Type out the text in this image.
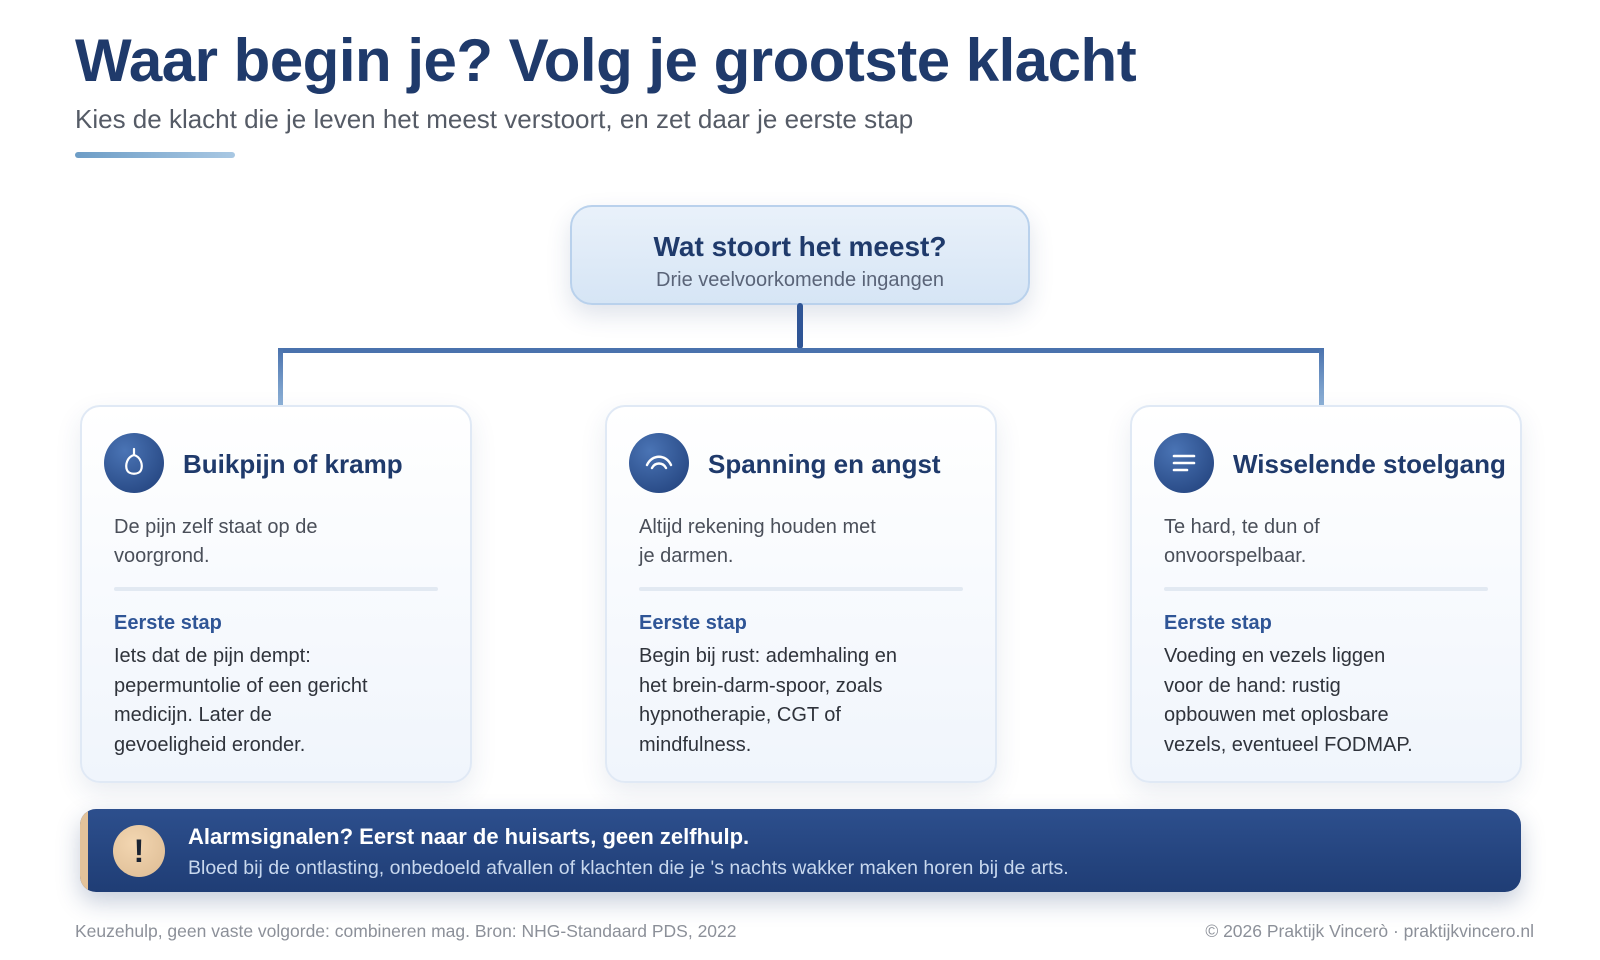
Waar begin je? Volg je grootste klacht

Kies de klacht die je leven het meest verstoort, en zet daar je eerste stap

Wat stoort het meest?
Drie veelvoorkomende ingangen
Buikpijn of kramp
De pijn zelf staat op de voorgrond.
Eerste stap
Iets dat de pijn dempt: pepermuntolie of een gericht medicijn. Later de gevoeligheid eronder.
Spanning en angst
Altijd rekening houden met je darmen.
Eerste stap
Begin bij rust: ademhaling en het brein-darm-spoor, zoals hypnotherapie, CGT of mindfulness.
Wisselende stoelgang
Te hard, te dun of onvoorspelbaar.
Eerste stap
Voeding en vezels liggen voor de hand: rustig opbouwen met oplosbare vezels, eventueel FODMAP.
!	Alarmsignalen? Eerst naar de huisarts, geen zelfhulp.
Bloed bij de ontlasting, onbedoeld afvallen of klachten die je 's nachts wakker maken horen bij de arts.
Keuzehulp, geen vaste volgorde: combineren mag. Bron: NHG-Standaard PDS, 2022	© 2026 Praktijk Vincerò · praktijkvincero.nl
